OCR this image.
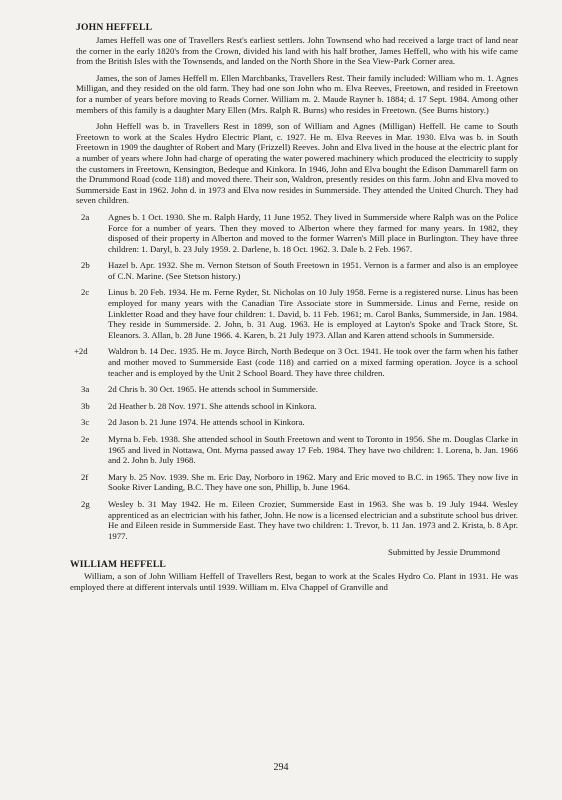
JOHN HEFFELL
James Heffell was one of Travellers Rest's earliest settlers. John Townsend who had received a large tract of land near the corner in the early 1820's from the Crown, divided his land with his half brother, James Heffell, who with his wife came from the British Isles with the Townsends, and landed on the North Shore in the Sea View-Park Corner area.
James, the son of James Heffell m. Ellen Marchbanks, Travellers Rest. Their family included: William who m. 1. Agnes Milligan, and they resided on the old farm. They had one son John who m. Elva Reeves, Freetown, and resided in Freetown for a number of years before moving to Reads Corner. William m. 2. Maude Rayner b. 1884; d. 17 Sept. 1984. Among other members of this family is a daughter Mary Ellen (Mrs. Ralph R. Burns) who resides in Freetown. (See Burns history.)
John Heffell was b. in Travellers Rest in 1899, son of William and Agnes (Milligan) Heffell. He came to South Freetown to work at the Scales Hydro Electric Plant, c. 1927. He m. Elva Reeves in Mar. 1930. Elva was b. in South Freetown in 1909 the daughter of Robert and Mary (Frizzell) Reeves. John and Elva lived in the house at the electric plant for a number of years where John had charge of operating the water powered machinery which produced the electricity to supply the customers in Freetown, Kensington, Bedeque and Kinkora. In 1946, John and Elva bought the Edison Dammarell farm on the Drummond Road (code 118) and moved there. Their son, Waldron, presently resides on this farm. John and Elva moved to Summerside East in 1962. John d. in 1973 and Elva now resides in Summerside. They attended the United Church. They had seven children.
2a Agnes b. 1 Oct. 1930. She m. Ralph Hardy, 11 June 1952. They lived in Summerside where Ralph was on the Police Force for a number of years. Then they moved to Alberton where they farmed for many years. In 1982, they disposed of their property in Alberton and moved to the former Warren's Mill place in Burlington. They have three children: 1. Daryl, b. 23 July 1959. 2. Darlene, b. 18 Oct. 1962. 3. Dale b. 2 Feb. 1967.
2b Hazel b. Apr. 1932. She m. Vernon Stetson of South Freetown in 1951. Vernon is a farmer and also is an employee of C.N. Marine. (See Stetson history.)
2c Linus b. 20 Feb. 1934. He m. Ferne Ryder, St. Nicholas on 10 July 1958. Ferne is a registered nurse. Linus has been employed for many years with the Canadian Tire Associate store in Summerside. Linus and Ferne, reside on Linkletter Road and they have four children: 1. David, b. 11 Feb. 1961; m. Carol Banks, Summerside, in Jan. 1984. They reside in Summerside. 2. John, b. 31 Aug. 1963. He is employed at Layton's Spoke and Track Store, St. Eleanors. 3. Allan, b. 28 June 1966. 4. Karen, b. 21 July 1973. Allan and Karen attend schools in Summerside.
+2d Waldron b. 14 Dec. 1935. He m. Joyce Birch, North Bedeque on 3 Oct. 1941. He took over the farm when his father and mother moved to Summerside East (code 118) and carried on a mixed farming operation. Joyce is a school teacher and is employed by the Unit 2 School Board. They have three children.
3a 2d Chris b. 30 Oct. 1965. He attends school in Summerside.
3b 2d Heather b. 28 Nov. 1971. She attends school in Kinkora.
3c 2d Jason b. 21 June 1974. He attends school in Kinkora.
2e Myrna b. Feb. 1938. She attended school in South Freetown and went to Toronto in 1956. She m. Douglas Clarke in 1965 and lived in Nottawa, Ont. Myrna passed away 17 Feb. 1984. They have two children: 1. Lorena, b. Jan. 1966 and 2. John b. July 1968.
2f Mary b. 25 Nov. 1939. She m. Eric Day, Norboro in 1962. Mary and Eric moved to B.C. in 1965. They now live in Sooke River Landing, B.C. They have one son, Phillip, b. June 1964.
2g Wesley b. 31 May 1942. He m. Eileen Crozier, Summerside East in 1963. She was b. 19 July 1944. Wesley apprenticed as an electrician with his father, John. He now is a licensed electrician and a substitute school bus driver. He and Eileen reside in Summerside East. They have two children: 1. Trevor, b. 11 Jan. 1973 and 2. Krista, b. 8 Apr. 1977.
Submitted by Jessie Drummond
WILLIAM HEFFELL
William, a son of John William Heffell of Travellers Rest, began to work at the Scales Hydro Co. Plant in 1931. He was employed there at different intervals until 1939. William m. Elva Chappel of Granville and
294
